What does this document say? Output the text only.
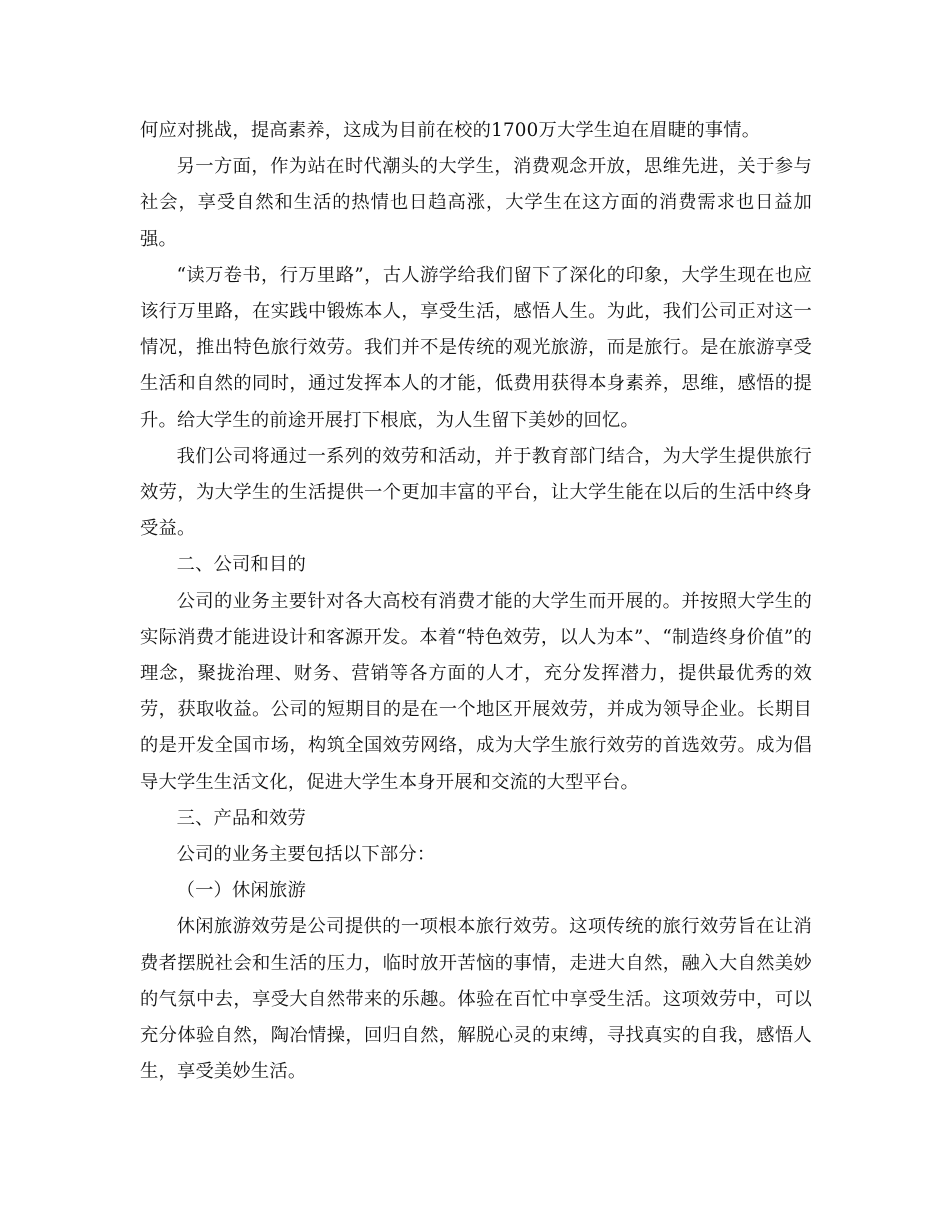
何应对挑战，提高素养，这成为目前在校的1700万大学生迫在眉睫的事情。

另一方面，作为站在时代潮头的大学生，消费观念开放，思维先进，关于参与社会，享受自然和生活的热情也日趋高涨，大学生在这方面的消费需求也日益加强。

“读万卷书，行万里路”，古人游学给我们留下了深化的印象，大学生现在也应该行万里路，在实践中锻炼本人，享受生活，感悟人生。为此，我们公司正对这一情况，推出特色旅行效劳。我们并不是传统的观光旅游，而是旅行。是在旅游享受生活和自然的同时，通过发挥本人的才能，低费用获得本身素养，思维，感悟的提升。给大学生的前途开展打下根底，为人生留下美妙的回忆。

我们公司将通过一系列的效劳和活动，并于教育部门结合，为大学生提供旅行效劳，为大学生的生活提供一个更加丰富的平台，让大学生能在以后的生活中终身受益。

二、公司和目的

公司的业务主要针对各大高校有消费才能的大学生而开展的。并按照大学生的实际消费才能进设计和客源开发。本着“特色效劳，以人为本”、“制造终身价值”的理念，聚拢治理、财务、营销等各方面的人才，充分发挥潜力，提供最优秀的效劳，获取收益。公司的短期目的是在一个地区开展效劳，并成为领导企业。长期目的是开发全国市场，构筑全国效劳网络，成为大学生旅行效劳的首选效劳。成为倡导大学生生活文化，促进大学生本身开展和交流的大型平台。

三、产品和效劳

公司的业务主要包括以下部分：

（一）休闲旅游

休闲旅游效劳是公司提供的一项根本旅行效劳。这项传统的旅行效劳旨在让消费者摆脱社会和生活的压力，临时放开苦恼的事情，走进大自然，融入大自然美妙的气氛中去，享受大自然带来的乐趣。体验在百忙中享受生活。这项效劳中，可以充分体验自然，陶冶情操，回归自然，解脱心灵的束缚，寻找真实的自我，感悟人生，享受美妙生活。
